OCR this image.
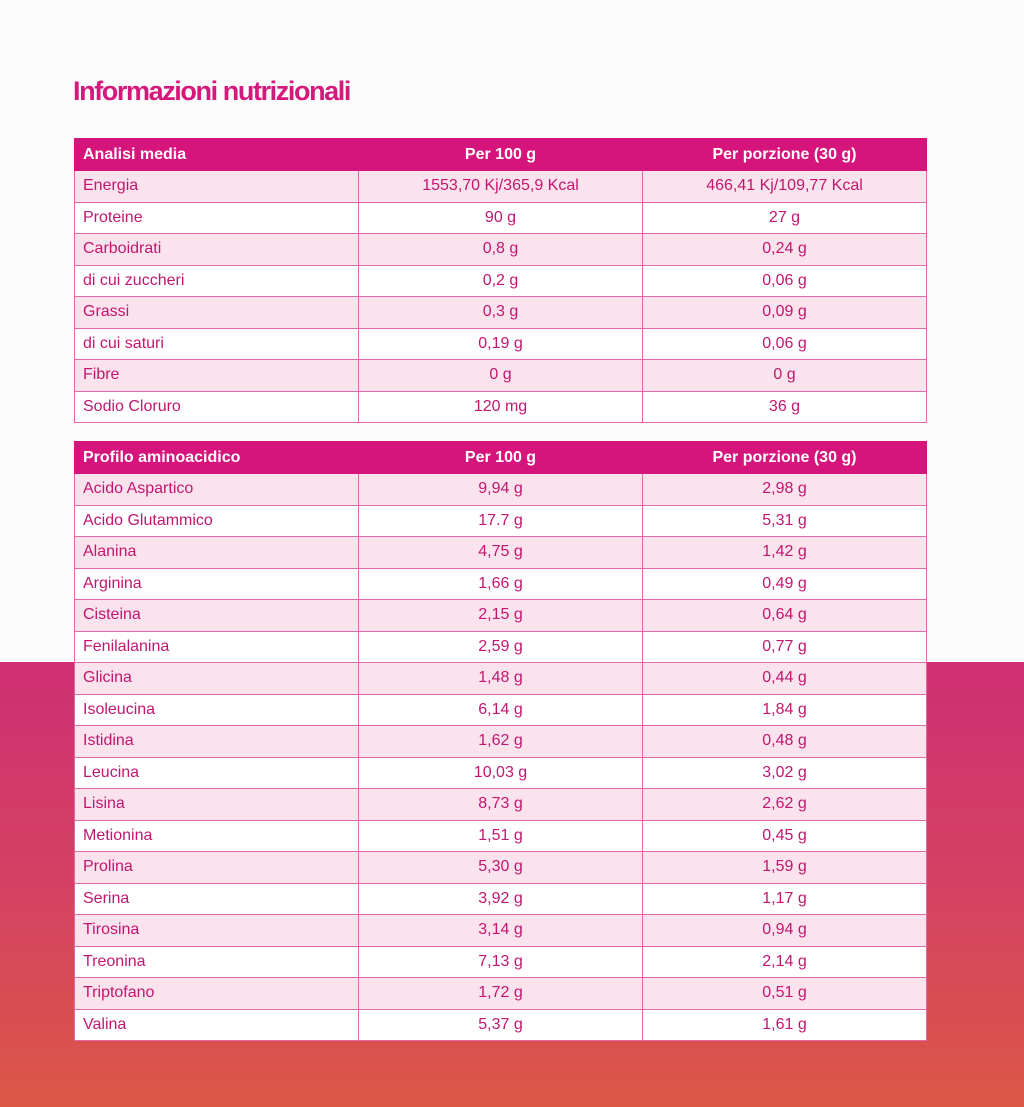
Informazioni nutrizionali
Analisi media	Per 100 g	Per porzione (30 g)
Energia	1553,70 Kj/365,9 Kcal	466,41 Kj/109,77 Kcal
Proteine	90 g	27 g
Carboidrati	0,8 g	0,24 g
di cui zuccheri	0,2 g	0,06 g
Grassi	0,3 g	0,09 g
di cui saturi	0,19 g	0,06 g
Fibre	0 g	0 g
Sodio Cloruro	120 mg	36 g
Profilo aminoacidico	Per 100 g	Per porzione (30 g)
Acido Aspartico	9,94 g	2,98 g
Acido Glutammico	17.7 g	5,31 g
Alanina	4,75 g	1,42 g
Arginina	1,66 g	0,49 g
Cisteina	2,15 g	0,64 g
Fenilalanina	2,59 g	0,77 g
Glicina	1,48 g	0,44 g
Isoleucina	6,14 g	1,84 g
Istidina	1,62 g	0,48 g
Leucina	10,03 g	3,02 g
Lisina	8,73 g	2,62 g
Metionina	1,51 g	0,45 g
Prolina	5,30 g	1,59 g
Serina	3,92 g	1,17 g
Tirosina	3,14 g	0,94 g
Treonina	7,13 g	2,14 g
Triptofano	1,72 g	0,51 g
Valina	5,37 g	1,61 g
